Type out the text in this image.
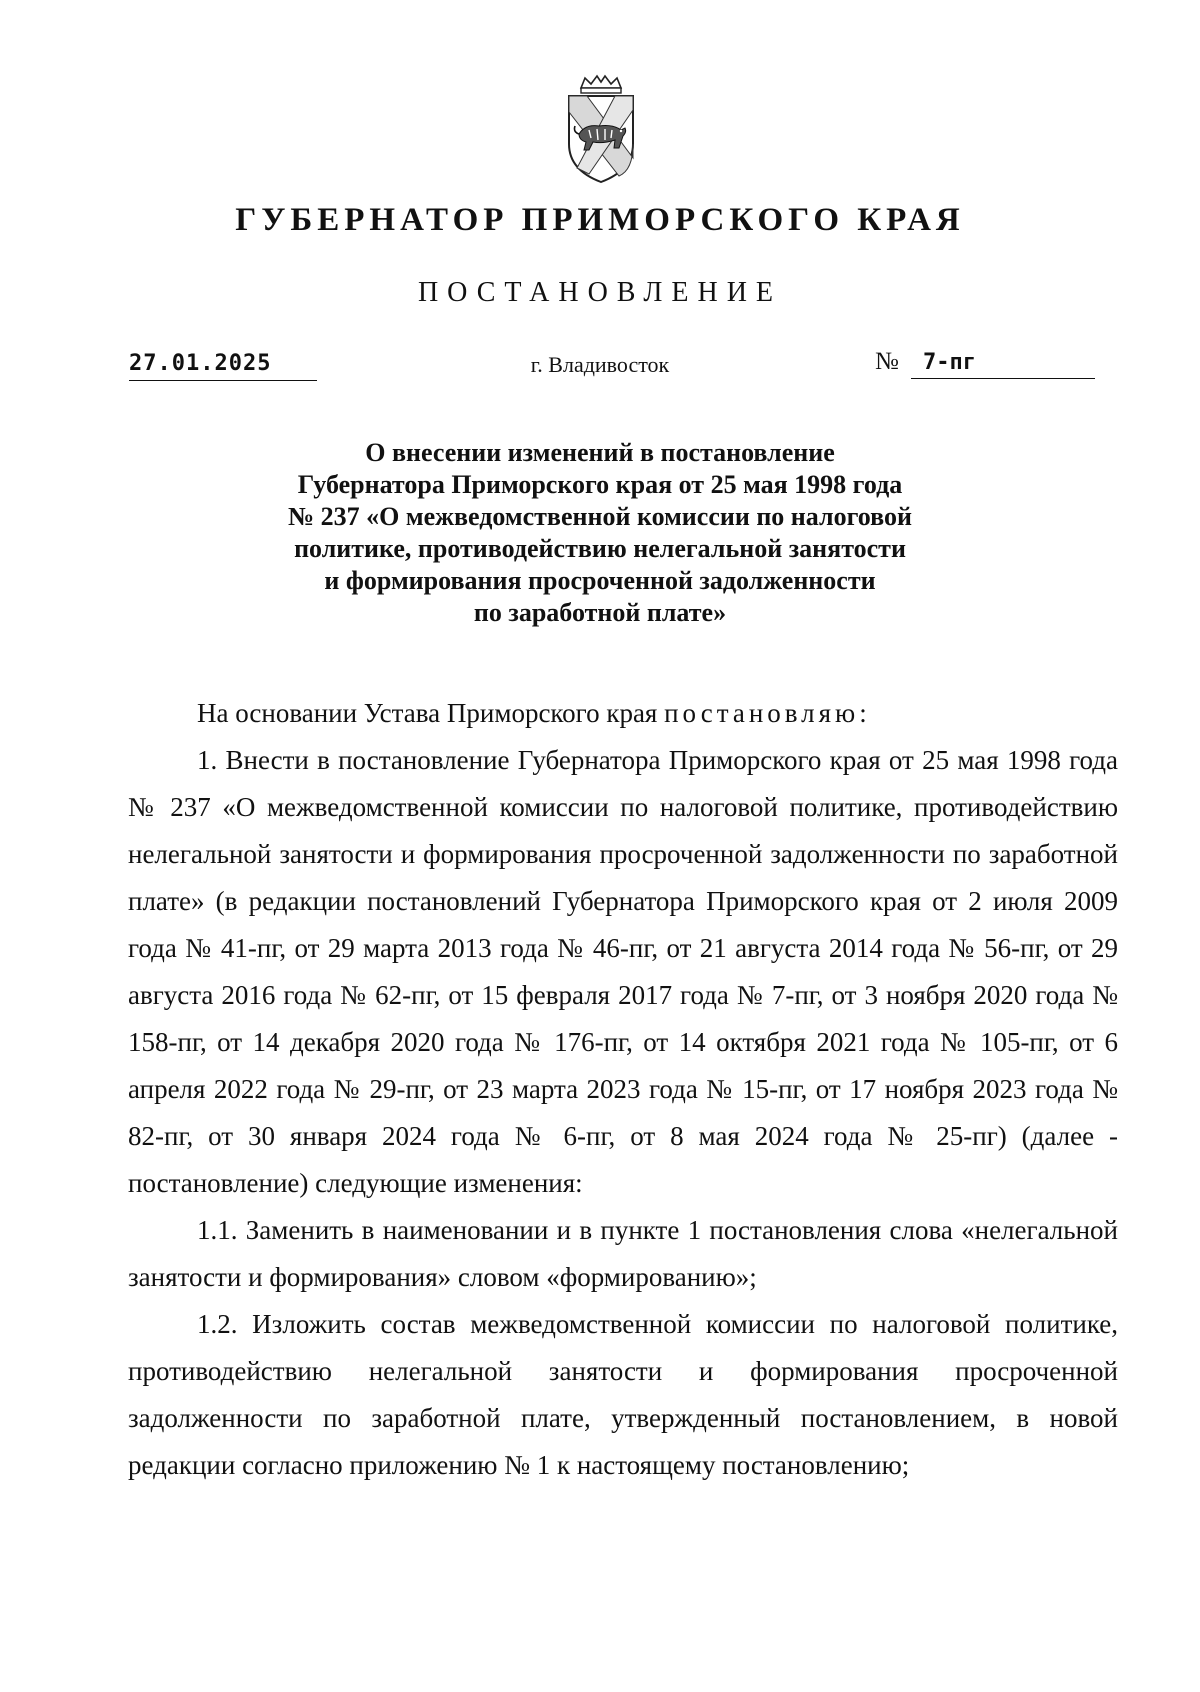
ГУБЕРНАТОР ПРИМОРСКОГО КРАЯ
ПОСТАНОВЛЕНИЕ
27.01.2025	г. Владивосток	№	7-пг
О внесении изменений в постановление
Губернатора Приморского края от 25 мая 1998 года
№ 237 «О межведомственной комиссии по налоговой
политике, противодействию нелегальной занятости
и формирования просроченной задолженности
по заработной плате»

На основании Устава Приморского края постановляю:

1. Внести в постановление Губернатора Приморского края от 25 мая 1998 года № 237 «О межведомственной комиссии по налоговой политике, противодействию нелегальной занятости и формирования просроченной задолженности по заработной плате» (в редакции постановлений Губернатора Приморского края от 2 июля 2009 года № 41-пг, от 29 марта 2013 года № 46-пг, от 21 августа 2014 года № 56-пг, от 29 августа 2016 года № 62-пг, от 15 февраля 2017 года № 7-пг, от 3 ноября 2020 года № 158-пг, от 14 декабря 2020 года № 176-пг, от 14 октября 2021 года № 105-пг, от 6 апреля 2022 года № 29-пг, от 23 марта 2023 года № 15-пг, от 17 ноября 2023 года № 82-пг, от 30 января 2024 года № 6-пг, от 8 мая 2024 года № 25-пг) (далее - постановление) следующие изменения:

1.1. Заменить в наименовании и в пункте 1 постановления слова «нелегальной занятости и формирования» словом «формированию»;

1.2. Изложить состав межведомственной комиссии по налоговой политике, противодействию нелегальной занятости и формирования просроченной задолженности по заработной плате, утвержденный постановлением, в новой редакции согласно приложению № 1 к настоящему постановлению;
